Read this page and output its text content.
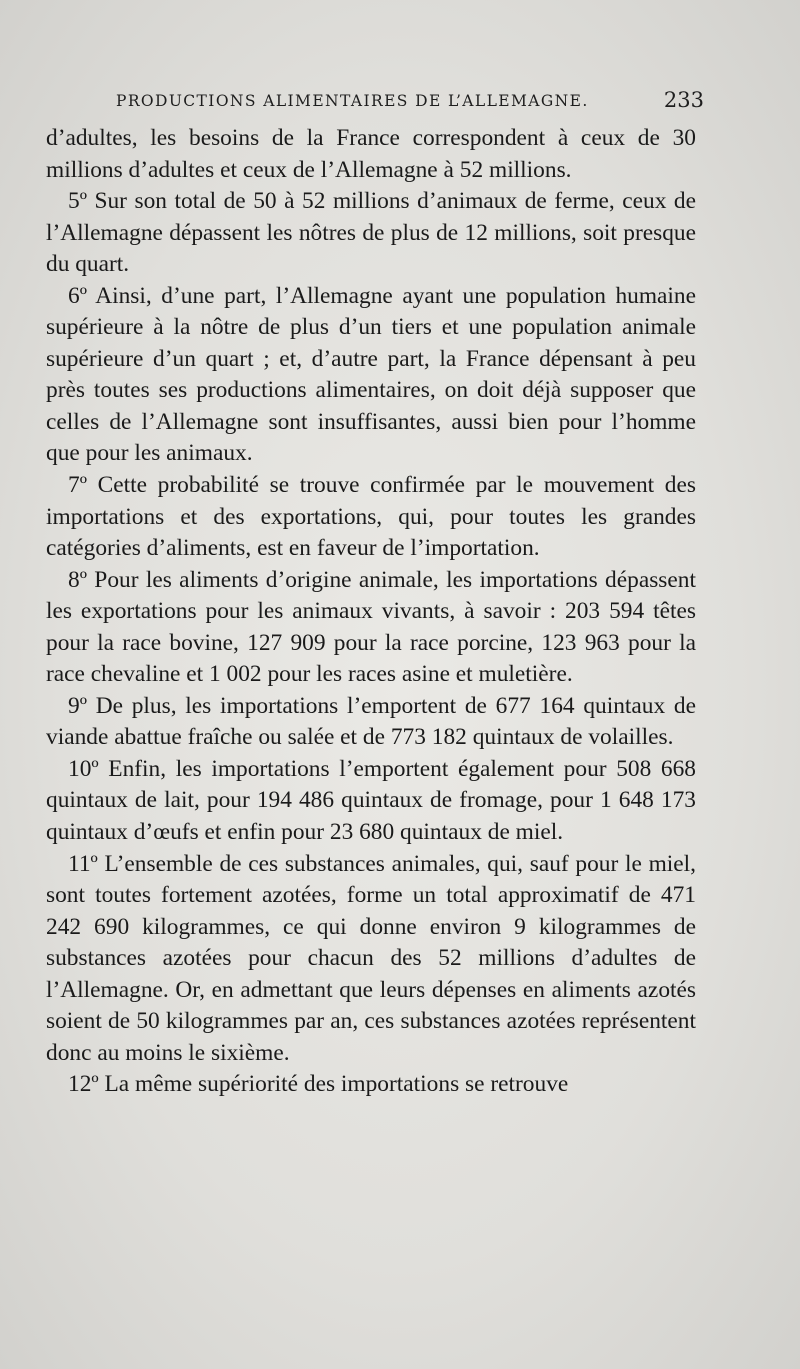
PRODUCTIONS ALIMENTAIRES DE L’ALLEMAGNE.	233

d’adultes, les besoins de la France correspondent à ceux de 30 millions d’adultes et ceux de l’Allemagne à 52 millions.

5º Sur son total de 50 à 52 millions d’animaux de ferme, ceux de l’Allemagne dépassent les nôtres de plus de 12 millions, soit presque du quart.

6º Ainsi, d’une part, l’Allemagne ayant une population humaine supérieure à la nôtre de plus d’un tiers et une population animale supérieure d’un quart ; et, d’autre part, la France dépensant à peu près toutes ses productions alimentaires, on doit déjà supposer que celles de l’Allemagne sont insuffisantes, aussi bien pour l’homme que pour les animaux.

7º Cette probabilité se trouve confirmée par le mouvement des importations et des exportations, qui, pour toutes les grandes catégories d’aliments, est en faveur de l’importation.

8º Pour les aliments d’origine animale, les importations dépassent les exportations pour les animaux vivants, à savoir : 203 594 têtes pour la race bovine, 127 909 pour la race porcine, 123 963 pour la race chevaline et 1 002 pour les races asine et muletière.

9º De plus, les importations l’emportent de 677 164 quintaux de viande abattue fraîche ou salée et de 773 182 quintaux de volailles.

10º Enfin, les importations l’emportent également pour 508 668 quintaux de lait, pour 194 486 quintaux de fromage, pour 1 648 173 quintaux d’œufs et enfin pour 23 680 quintaux de miel.

11º L’ensemble de ces substances animales, qui, sauf pour le miel, sont toutes fortement azotées, forme un total approximatif de 471 242 690 kilogrammes, ce qui donne environ 9 kilogrammes de substances azotées pour chacun des 52 millions d’adultes de l’Allemagne. Or, en admettant que leurs dépenses en aliments azotés soient de 50 kilogrammes par an, ces substances azotées représentent donc au moins le sixième.

12º La même supériorité des importations se retrouve
